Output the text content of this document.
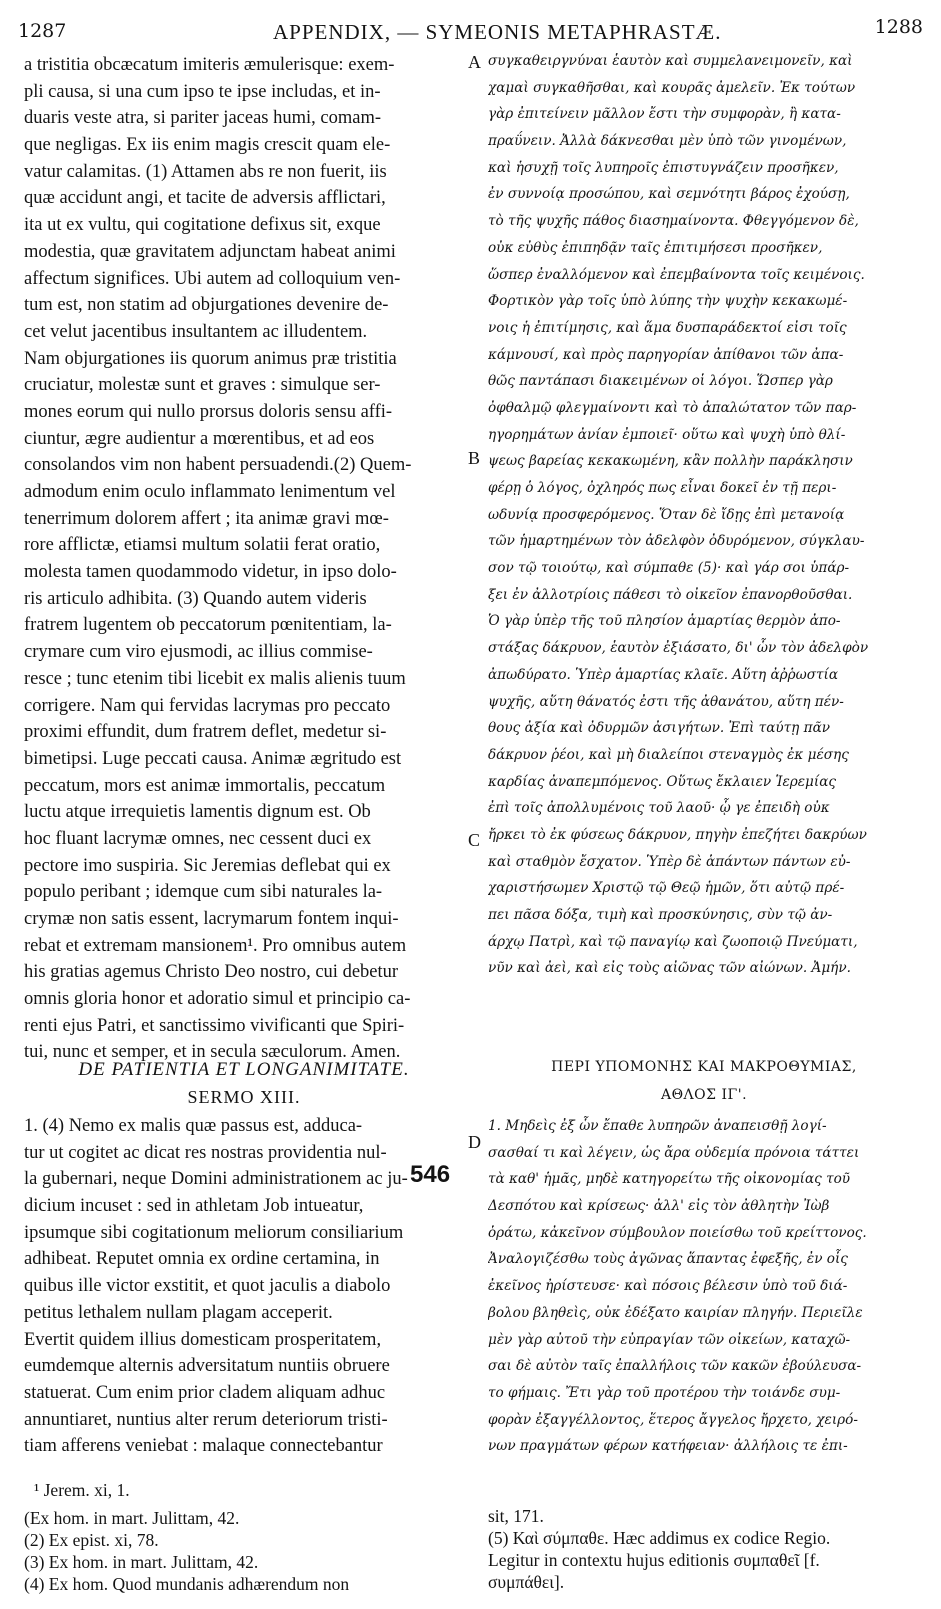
1287	APPENDIX, — SYMEONIS METAPHRASTÆ.	1288
a tristitia obcæcatum imiteris æmulerisque: exem-
pli causa, si una cum ipso te ipse includas, et in-
duaris veste atra, si pariter jaceas humi, comam-
que negligas. Ex iis enim magis crescit quam ele-
vatur calamitas. (1) Attamen abs re non fuerit, iis
quæ accidunt angi, et tacite de adversis afflictari,
ita ut ex vultu, qui cogitatione defixus sit, exque
modestia, quæ gravitatem adjunctam habeat animi
affectum significes. Ubi autem ad colloquium ven-
tum est, non statim ad objurgationes devenire de-
cet velut jacentibus insultantem ac illudentem.
Nam objurgationes iis quorum animus præ tristitia
cruciatur, molestæ sunt et graves : simulque ser-
mones eorum qui nullo prorsus doloris sensu affi-
ciuntur, ægre audientur a mœrentibus, et ad eos
consolandos vim non habent persuadendi.(2) Quem-
admodum enim oculo inflammato lenimentum vel
tenerrimum dolorem affert ; ita animæ gravi mœ-
rore afflictæ, etiamsi multum solatii ferat oratio,
molesta tamen quodammodo videtur, in ipso dolo-
ris articulo adhibita. (3) Quando autem videris
fratrem lugentem ob peccatorum pœnitentiam, la-
crymare cum viro ejusmodi, ac illius commise-
resce ; tunc etenim tibi licebit ex malis alienis tuum
corrigere. Nam qui fervidas lacrymas pro peccato
proximi effundit, dum fratrem deflet, medetur si-
bimetipsi. Luge peccati causa. Animæ ægritudo est
peccatum, mors est animæ immortalis, peccatum
luctu atque irrequietis lamentis dignum est. Ob
hoc fluant lacrymæ omnes, nec cessent duci ex
pectore imo suspiria. Sic Jeremias deflebat qui ex
populo peribant ; idemque cum sibi naturales la-
crymæ non satis essent, lacrymarum fontem inqui-
rebat et extremam mansionem¹. Pro omnibus autem
his gratias agemus Christo Deo nostro, cui debetur
omnis gloria honor et adoratio simul et principio ca-
renti ejus Patri, et sanctissimo vivificanti que Spiri-
tui, nunc et semper, et in secula sæculorum. Amen.
συγκαθειργνύναι ἑαυτὸν καὶ συμμελανειμονεῖν, καὶ
χαμαὶ συγκαθῆσθαι, καὶ κουρᾶς ἀμελεῖν. Ἐκ τούτων
γὰρ ἐπιτείνειν μᾶλλον ἔστι τὴν συμφορὰν, ἢ κατα-
πραΰνειν. Ἀλλὰ δάκνεσθαι μὲν ὑπὸ τῶν γινομένων,
καὶ ἡσυχῇ τοῖς λυπηροῖς ἐπιστυγνάζειν προσῆκεν,
ἐν συννοίᾳ προσώπου, καὶ σεμνότητι βάρος ἐχούσῃ,
τὸ τῆς ψυχῆς πάθος διασημαίνοντα. Φθεγγόμενον δὲ,
οὐκ εὐθὺς ἐπιπηδᾷν ταῖς ἐπιτιμήσεσι προσῆκεν,
ὥσπερ ἐναλλόμενον καὶ ἐπεμβαίνοντα τοῖς κειμένοις.
Φορτικὸν γὰρ τοῖς ὑπὸ λύπης τὴν ψυχὴν κεκακωμέ-
νοις ἡ ἐπιτίμησις, καὶ ἅμα δυσπαράδεκτοί εἰσι τοῖς
κάμνουσί, καὶ πρὸς παρηγορίαν ἀπίθανοι τῶν ἀπα-
θῶς παντάπασι διακειμένων οἱ λόγοι. Ὥσπερ γὰρ
ὀφθαλμῷ φλεγμαίνοντι καὶ τὸ ἁπαλώτατον τῶν παρ-
ηγορημάτων ἀνίαν ἐμποιεῖ· οὕτω καὶ ψυχὴ ὑπὸ θλί-
ψεως βαρείας κεκακωμένη, κἂν πολλὴν παράκλησιν
φέρῃ ὁ λόγος, ὀχληρός πως εἶναι δοκεῖ ἐν τῇ περι-
ωδυνίᾳ προσφερόμενος. Ὅταν δὲ ἴδῃς ἐπὶ μετανοίᾳ
τῶν ἡμαρτημένων τὸν ἀδελφὸν ὀδυρόμενον, σύγκλαυ-
σον τῷ τοιούτῳ, καὶ σύμπαθε (5)· καὶ γάρ σοι ὑπάρ-
ξει ἐν ἀλλοτρίοις πάθεσι τὸ οἰκεῖον ἐπανορθοῦσθαι.
Ὁ γὰρ ὑπὲρ τῆς τοῦ πλησίον ἁμαρτίας θερμὸν ἀπο-
στάξας δάκρυον, ἑαυτὸν ἐξιάσατο, δι' ὧν τὸν ἀδελφὸν
ἀπωδύρατο. Ὑπὲρ ἁμαρτίας κλαῖε. Αὕτη ἀῤῥωστία
ψυχῆς, αὕτη θάνατός ἐστι τῆς ἀθανάτου, αὕτη πέν-
θους ἀξία καὶ ὀδυρμῶν ἀσιγήτων. Ἐπὶ ταύτῃ πᾶν
δάκρυον ῥέοι, καὶ μὴ διαλείποι στεναγμὸς ἐκ μέσης
καρδίας ἀναπεμπόμενος. Οὕτως ἔκλαιεν Ἱερεμίας
ἐπὶ τοῖς ἀπολλυμένοις τοῦ λαοῦ· ᾧ γε ἐπειδὴ οὐκ
ἤρκει τὸ ἐκ φύσεως δάκρυον, πηγὴν ἐπεζήτει δακρύων
καὶ σταθμὸν ἔσχατον. Ὑπὲρ δὲ ἁπάντων πάντων εὐ-
χαριστήσωμεν Χριστῷ τῷ Θεῷ ἡμῶν, ὅτι αὐτῷ πρέ-
πει πᾶσα δόξα, τιμὴ καὶ προσκύνησις, σὺν τῷ ἀν-
άρχῳ Πατρὶ, καὶ τῷ παναγίῳ καὶ ζωοποιῷ Πνεύματι,
νῦν καὶ ἀεὶ, καὶ εἰς τοὺς αἰῶνας τῶν αἰώνων. Ἀμήν.
A
B
C
D
DE PATIENTIA ET LONGANIMITATE.
SERMO XIII.
ΠΕΡΙ ΥΠΟΜΟΝΗΣ ΚΑΙ ΜΑΚΡΟΘΥΜΙΑΣ,
ΑΘΛΟΣ ΙΓ'.
1. (4) Nemo ex malis quæ passus est, adduca-
tur ut cogitet ac dicat res nostras providentia nul-
la gubernari, neque Domini administrationem ac ju-
dicium incuset : sed in athletam Job intueatur,
ipsumque sibi cogitationum meliorum consiliarium
adhibeat. Reputet omnia ex ordine certamina, in
quibus ille victor exstitit, et quot jaculis a diabolo
petitus lethalem nullam plagam acceperit.
Evertit quidem illius domesticam prosperitatem,
eumdemque alternis adversitatum nuntiis obruere
statuerat. Cum enim prior cladem aliquam adhuc
annuntiaret, nuntius alter rerum deteriorum tristi-
tiam afferens veniebat : malaque connectebantur
1. Μηδεὶς ἐξ ὧν ἔπαθε λυπηρῶν ἀναπεισθῇ λογί-
σασθαί τι καὶ λέγειν, ὡς ἄρα οὐδεμία πρόνοια τάττει
τὰ καθ' ἡμᾶς, μηδὲ κατηγορείτω τῆς οἰκονομίας τοῦ
Δεσπότου καὶ κρίσεως· ἀλλ' εἰς τὸν ἀθλητὴν Ἰὼβ
ὁράτω, κἀκεῖνον σύμβουλον ποιείσθω τοῦ κρείττονος.
Ἀναλογιζέσθω τοὺς ἀγῶνας ἅπαντας ἐφεξῆς, ἐν οἷς
ἐκεῖνος ἠρίστευσε· καὶ πόσοις βέλεσιν ὑπὸ τοῦ διά-
βολου βληθεὶς, οὐκ ἐδέξατο καιρίαν πληγήν. Περιεῖλε
μὲν γὰρ αὐτοῦ τὴν εὐπραγίαν τῶν οἰκείων, καταχῶ-
σαι δὲ αὐτὸν ταῖς ἐπαλλήλοις τῶν κακῶν ἐβούλευσα-
το φήμαις. Ἔτι γὰρ τοῦ προτέρου τὴν τοιάνδε συμ-
φορὰν ἐξαγγέλλοντος, ἕτερος ἄγγελος ἤρχετο, χειρό-
νων πραγμάτων φέρων κατήφειαν· ἀλλήλοις τε ἐπι-
546
¹ Jerem. xi, 1.
(Ex hom. in mart. Julittam, 42.
(2) Ex epist. xi, 78.
(3) Ex hom. in mart. Julittam, 42.
(4) Ex hom. Quod mundanis adhærendum non
sit, 171.
(5) Καὶ σύμπαθε. Hæc addimus ex codice Regio.
Legitur in contextu hujus editionis συμπαθεῖ [f.
συμπάθει].
